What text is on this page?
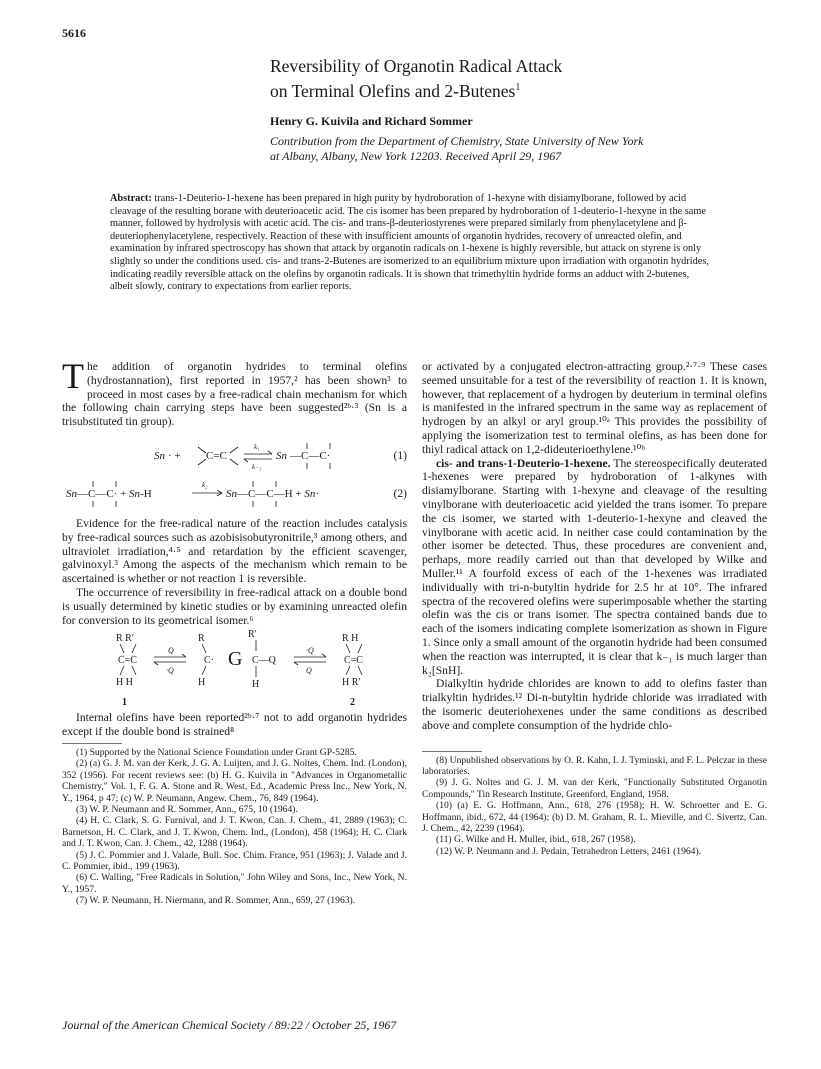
5616
Reversibility of Organotin Radical Attack
on Terminal Olefins and 2-Butenes$^1$
Henry G. Kuivila and Richard Sommer
Contribution from the Department of Chemistry, State University of New York
at Albany, Albany, New York 12203. Received April 29, 1967
Abstract: trans-1-Deuterio-1-hexene has been prepared in high purity by hydroboration of 1-hexyne with disiamylborane, followed by acid cleavage of the resulting borane with deuterioacetic acid. The cis isomer has been prepared by hydroboration of 1-deuterio-1-hexyne in the same manner, followed by hydrolysis with acetic acid. The cis- and trans-β-deuteriostyrenes were prepared similarly from phenylacetylene and β-deuteriophenylacetylene, respectively. Reaction of these with insufficient amounts of organotin hydrides, recovery of unreacted olefin, and examination by infrared spectroscopy has shown that attack by organotin radicals on 1-hexene is highly reversible, but attack on styrene is only slightly so under the conditions used. cis- and trans-2-Butenes are isomerized to an equilibrium mixture upon irradiation with organotin hydrides, indicating readily reversible attack on the olefins by organotin radicals. It is shown that trimethyltin hydride forms an adduct with 2-butenes, albeit slowly, contrary to expectations from earlier reports.

The addition of organotin hydrides to terminal olefins (hydrostannation), first reported in 1957,² has been shown³ to proceed in most cases by a free-radical chain mechanism for which the following chain carrying steps have been suggested²ᵇ·³ (Sn is a trisubstituted tin group).

Sn · + C=C
k₁
k₋₁
Sn —C—C·	(1)
Sn—C—C· + Sn-H
k₂
Sn—C—C—H + Sn·	(2)

Evidence for the free-radical nature of the reaction includes catalysis by free-radical sources such as azobisisobutyronitrile,³ among others, and ultraviolet irradiation,⁴·⁵ and retardation by the efficient scavenger, galvinoxyl.³ Among the aspects of the mechanism which remain to be ascertained is whether or not reaction 1 is reversible.

The occurrence of reversibility in free-radical attack on a double bond is usually determined by kinetic studies or by examining unreacted olefin for conversion to its geometrical isomer.⁶

R R′
C=C
H H
Q
·Q
R
C·
H
G
R′
C—Q
H
·Q
Q
R H
C=C
H R′
1	2

Internal olefins have been reported²ᵇ·⁷ not to add organotin hydrides except if the double bond is strained⁸

(1) Supported by the National Science Foundation under Grant GP-5285.

(2) (a) G. J. M. van der Kerk, J. G. A. Luijten, and J. G. Noltes, Chem. Ind. (London), 352 (1956). For recent reviews see: (b) H. G. Kuivila in "Advances in Organometallic Chemistry," Vol. 1, F. G. A. Stone and R. West, Ed., Academic Press Inc., New York, N. Y., 1964, p 47; (c) W. P. Neumann, Angew. Chem., 76, 849 (1964).

(3) W. P. Neumann and R. Sommer, Ann., 675, 10 (1964).

(4) H. C. Clark, S. G. Furnival, and J. T. Kwon, Can. J. Chem., 41, 2889 (1963); C. Barnetson, H. C. Clark, and J. T. Kwon, Chem. Ind., (London), 458 (1964); H. C. Clark and J. T. Kwon, Can. J. Chem., 42, 1288 (1964).

(5) J. C. Pommier and J. Valade, Bull. Soc. Chim. France, 951 (1963); J. Valade and J. C. Pommier, ibid., 199 (1963).

(6) C. Walling, "Free Radicals in Solution," John Wiley and Sons, Inc., New York, N. Y., 1957.

(7) W. P. Neumann, H. Niermann, and R. Sommer, Ann., 659, 27 (1963).

or activated by a conjugated electron-attracting group.²·⁷·⁹ These cases seemed unsuitable for a test of the reversibility of reaction 1. It is known, however, that replacement of a hydrogen by deuterium in terminal olefins is manifested in the infrared spectrum in the same way as replacement of hydrogen by an alkyl or aryl group.¹⁰ᵃ This provides the possibility of applying the isomerization test to terminal olefins, as has been done for thiyl radical attack on 1,2-dideuterioethylene.¹⁰ᵇ

cis- and trans-1-Deuterio-1-hexene. The stereospecifically deuterated 1-hexenes were prepared by hydroboration of 1-alkynes with disiamylborane. Starting with 1-hexyne and cleavage of the resulting vinylborane with deuterioacetic acid yielded the trans isomer. To prepare the cis isomer, we started with 1-deuterio-1-hexyne and cleaved the vinylborane with acetic acid. In neither case could contamination by the other isomer be detected. Thus, these procedures are convenient and, perhaps, more readily carried out than that developed by Wilke and Muller.¹¹ A fourfold excess of each of the 1-hexenes was irradiated individually with tri-n-butyltin hydride for 2.5 hr at 10°. The infrared spectra of the recovered olefins were superimposable whether the starting olefin was the cis or trans isomer. The spectra contained bands due to each of the isomers indicating complete isomerization as shown in Figure 1. Since only a small amount of the organotin hydride had been consumed when the reaction was interrupted, it is clear that k₋₁ is much larger than k₂[SnH].

Dialkyltin hydride chlorides are known to add to olefins faster than trialkyltin hydrides.¹² Di-n-butyltin hydride chloride was irradiated with the isomeric deuteriohexenes under the same conditions as described above and complete consumption of the hydride chlo-

(8) Unpublished observations by O. R. Kahn, I. J. Tyminski, and F. L. Pelczar in these laboratories.

(9) J. G. Noltes and G. J. M. van der Kerk, "Functionally Substituted Organotin Compounds," Tin Research Institute, Greenford, England, 1958.

(10) (a) E. G. Hoffmann, Ann., 618, 276 (1958); H. W. Schroetter and E. G. Hoffmann, ibid., 672, 44 (1964); (b) D. M. Graham, R. L. Mieville, and C. Sivertz, Can. J. Chem., 42, 2239 (1964).

(11) G. Wilke and H. Muller, ibid., 618, 267 (1958).

(12) W. P. Neumann and J. Pedain, Tetrahedron Letters, 2461 (1964).

Journal of the American Chemical Society / 89:22 / October 25, 1967
